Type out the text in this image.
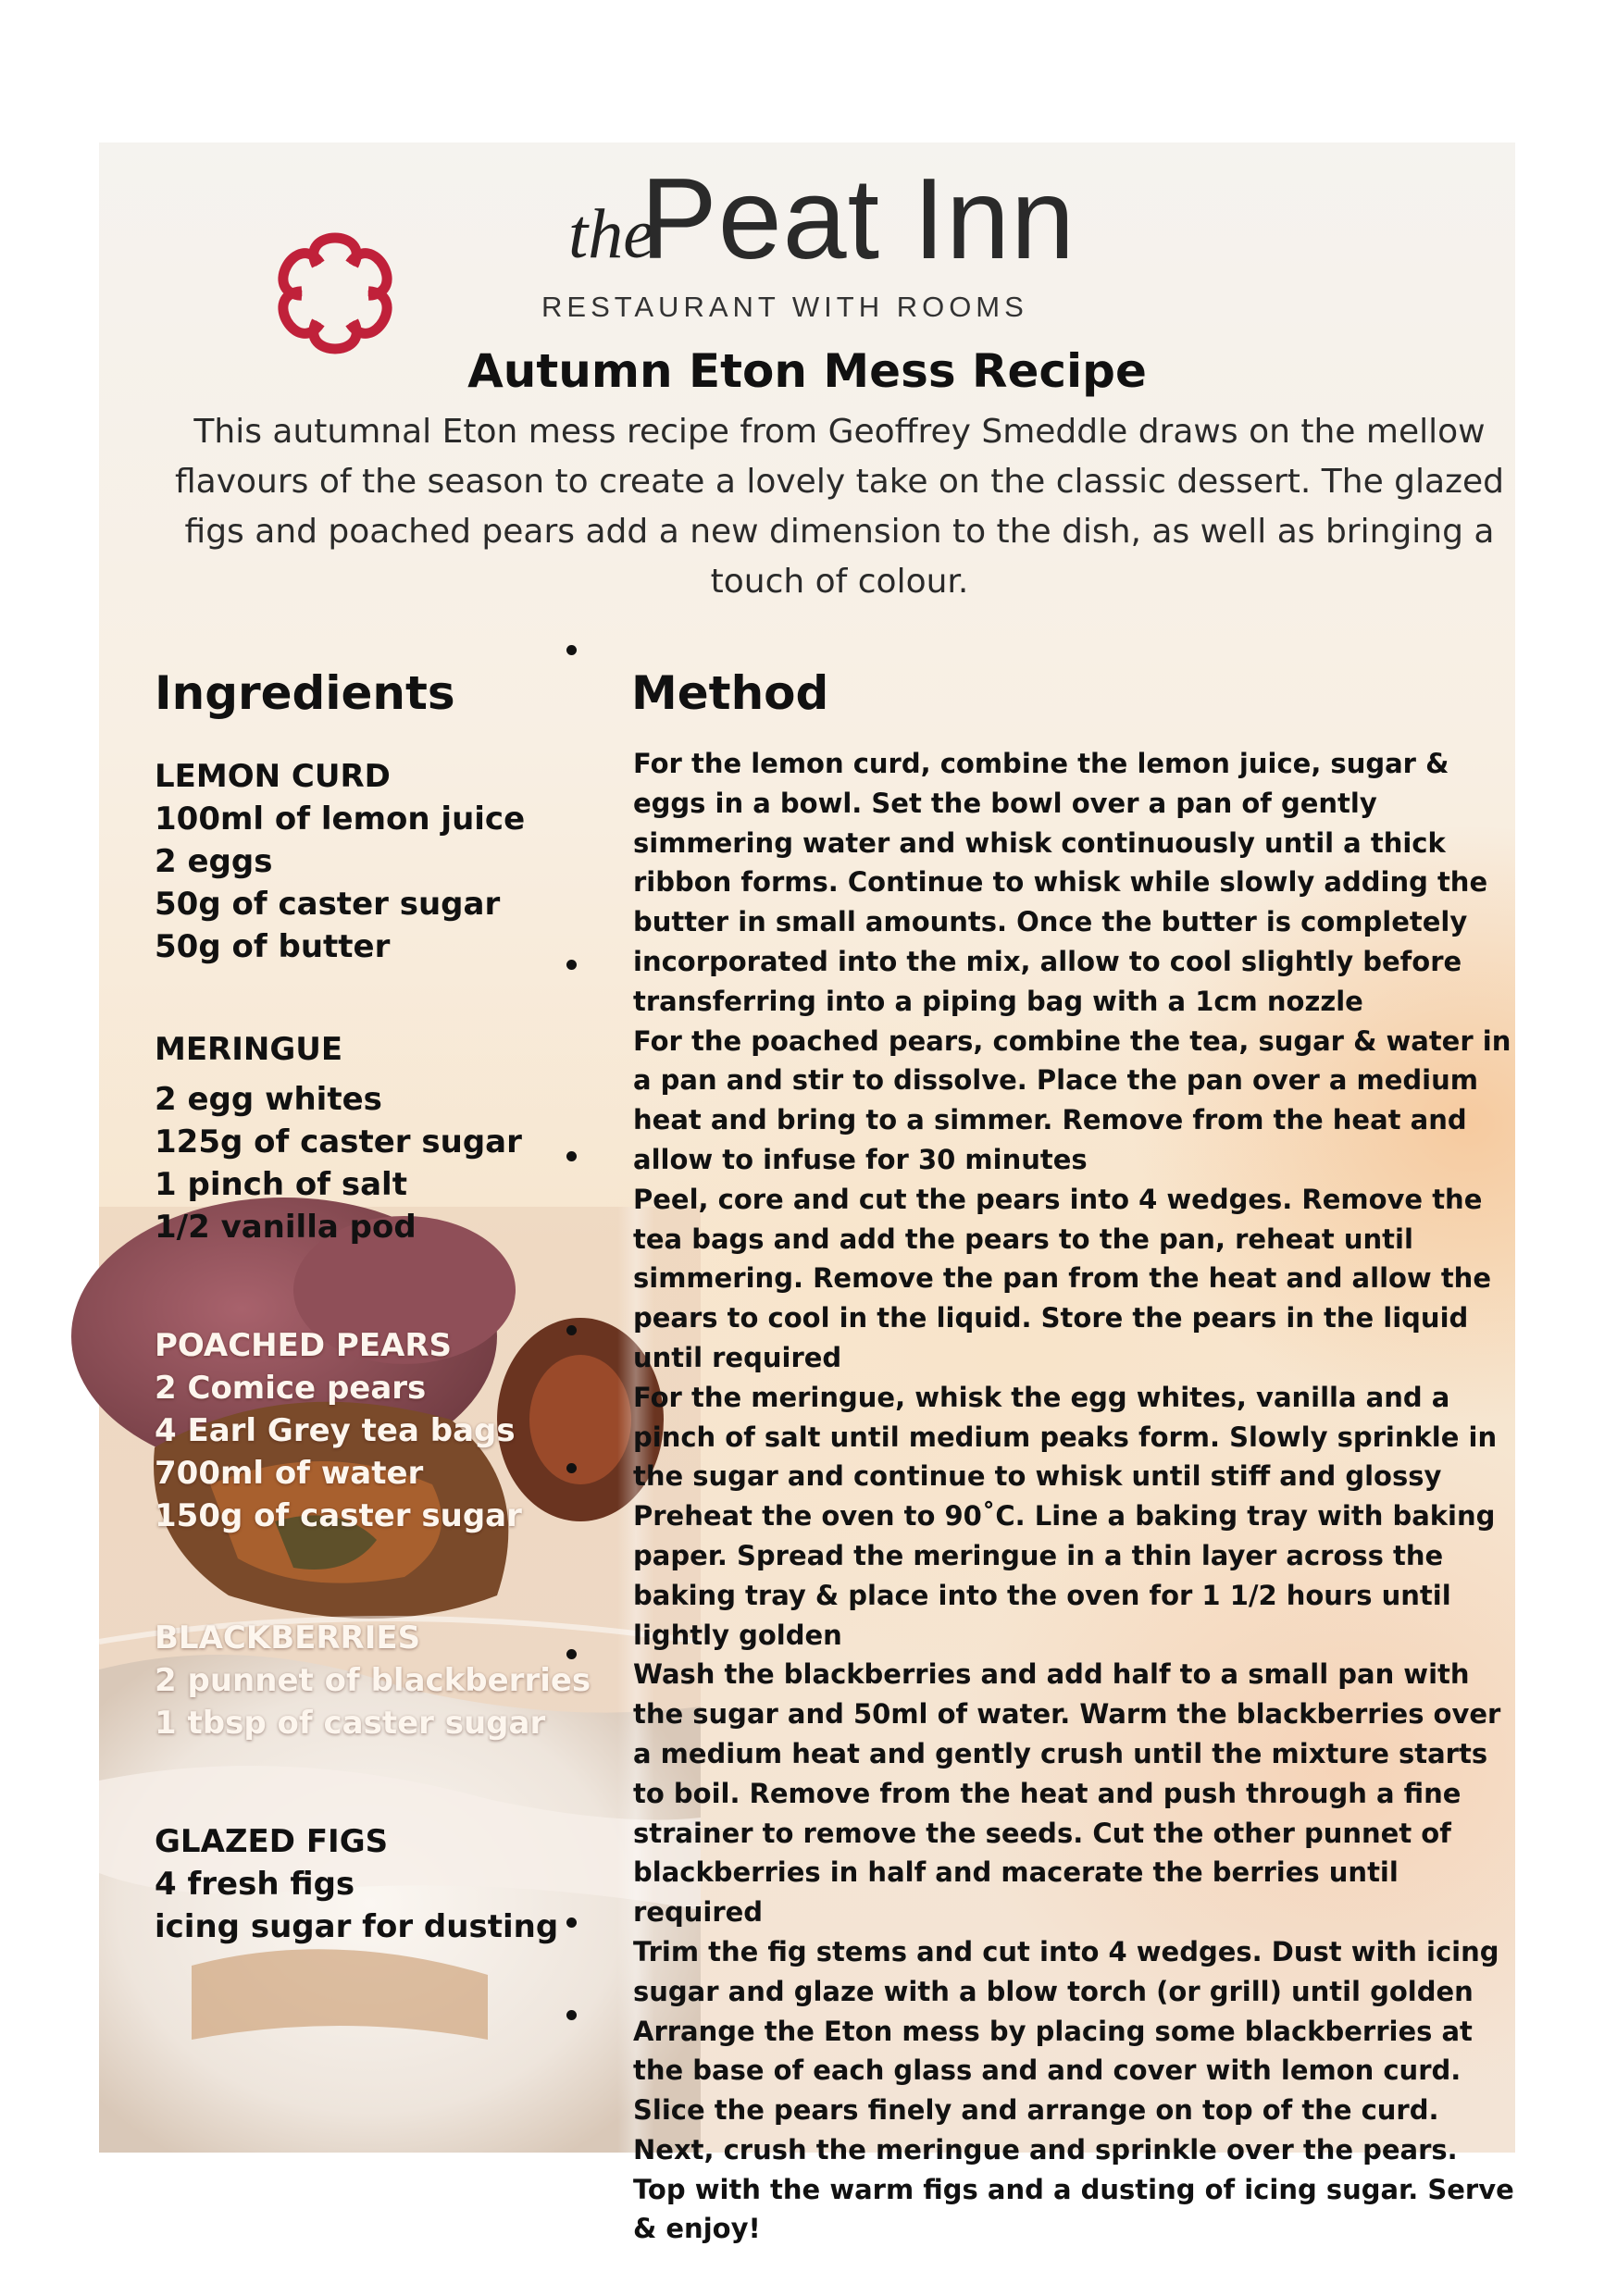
the
Peat Inn
RESTAURANT WITH ROOMS
Autumn Eton Mess Recipe
This autumnal Eton mess recipe from Geoffrey Smeddle draws on the mellow flavours of the season to create a lovely take on the classic dessert. The glazed figs and poached pears add a new dimension to the dish, as well as bringing a touch of colour.
Ingredients	Method
LEMON CURD
100ml of lemon juice
2 eggs
50g of caster sugar
50g of butter
MERINGUE
2 egg whites
125g of caster sugar
1 pinch of salt
1/2 vanilla pod
POACHED PEARS
2 Comice pears
4 Earl Grey tea bags
700ml of water
150g of caster sugar
BLACKBERRIES
2 punnet of blackberries
1 tbsp of caster sugar
GLAZED FIGS
4 fresh figs
icing sugar for dusting

For the lemon curd, combine the lemon juice, sugar & eggs in a bowl. Set the bowl over a pan of gently simmering water and whisk continuously until a thick ribbon forms. Continue to whisk while slowly adding the butter in small amounts. Once the butter is completely incorporated into the mix, allow to cool slightly before transferring into a piping bag with a 1cm nozzle

For the poached pears, combine the tea, sugar & water in a pan and stir to dissolve. Place the pan over a medium heat and bring to a simmer. Remove from the heat and allow to infuse for 30 minutes

Peel, core and cut the pears into 4 wedges. Remove the tea bags and add the pears to the pan, reheat until simmering. Remove the pan from the heat and allow the pears to cool in the liquid. Store the pears in the liquid until required

For the meringue, whisk the egg whites, vanilla and a pinch of salt until medium peaks form. Slowly sprinkle in the sugar and continue to whisk until stiff and glossy

Preheat the oven to 90˚C. Line a baking tray with baking paper. Spread the meringue in a thin layer across the baking tray & place into the oven for 1 1/2 hours until lightly golden

Wash the blackberries and add half to a small pan with the sugar and 50ml of water. Warm the blackberries over a medium heat and gently crush until the mixture starts to boil. Remove from the heat and push through a fine strainer to remove the seeds. Cut the other punnet of blackberries in half and macerate the berries until required

Trim the fig stems and cut into 4 wedges. Dust with icing sugar and glaze with a blow torch (or grill) until golden

Arrange the Eton mess by placing some blackberries at the base of each glass and and cover with lemon curd. Slice the pears finely and arrange on top of the curd. Next, crush the meringue and sprinkle over the pears. Top with the warm figs and a dusting of icing sugar. Serve & enjoy!
